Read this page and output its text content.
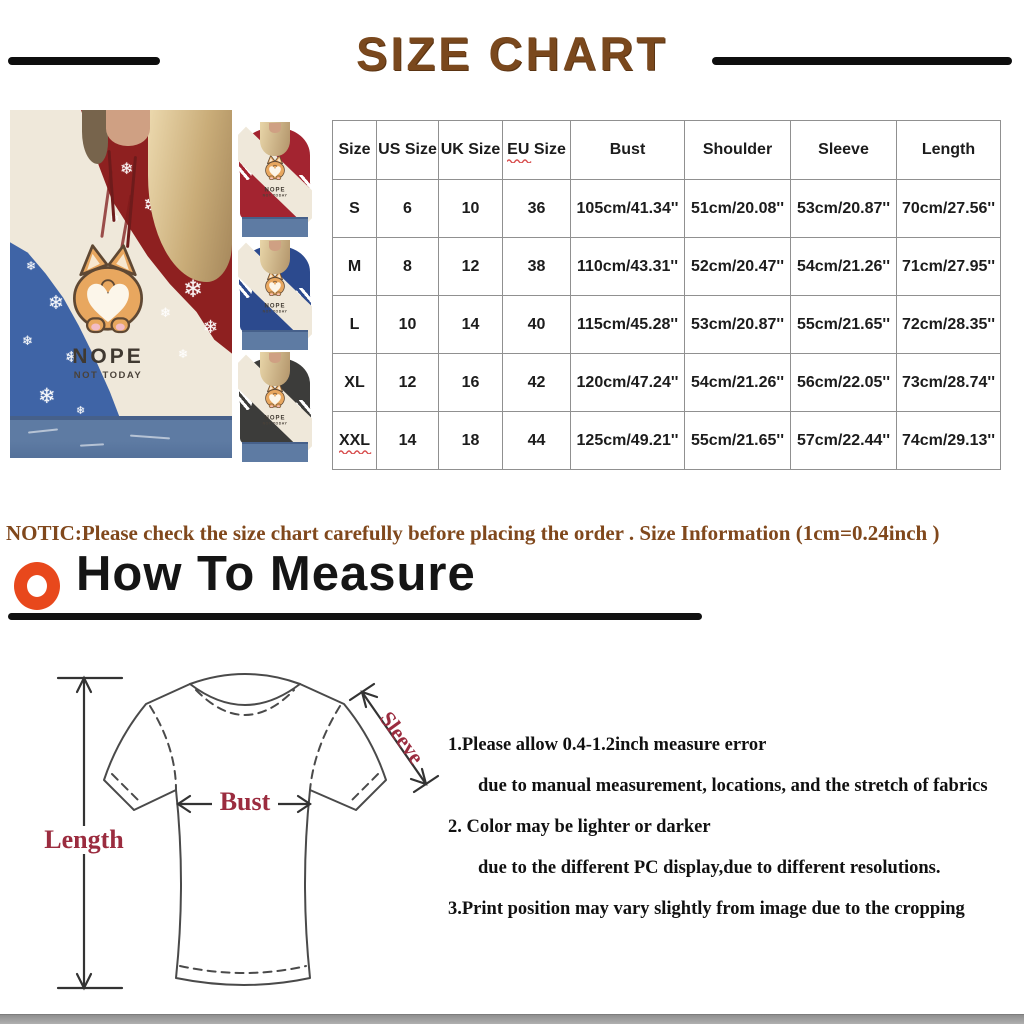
SIZE CHART
❄
❄
❄
❄
❄
❄
❄
❄
❄
❄
❄
❄
❄
❄
❄
❄
NOPE
NOT TODAY
NOPE
NOT TODAY
NOPE
NOT TODAY
NOPE
NOT TODAY
Size	US Size	UK Size	EU Size	Bust	Shoulder	Sleeve	Length
S	6	10	36	105cm/41.34''	51cm/20.08''	53cm/20.87''	70cm/27.56''
M	8	12	38	110cm/43.31''	52cm/20.47''	54cm/21.26''	71cm/27.95''
L	10	14	40	115cm/45.28''	53cm/20.87''	55cm/21.65''	72cm/28.35''
XL	12	16	42	120cm/47.24''	54cm/21.26''	56cm/22.05''	73cm/28.74''
XXL	14	18	44	125cm/49.21''	55cm/21.65''	57cm/22.44''	74cm/29.13''
NOTIC:Please check the size chart carefully before placing the order . Size Information (1cm=0.24inch )
How To Measure
Bust
Length
Sleeve 1.Please allow 0.4-1.2inch measure error
due to manual measurement, locations, and the stretch of fabrics
2. Color may be lighter or darker
due to the different PC display,due to different resolutions.
3.Print position may vary slightly from image due to the cropping
